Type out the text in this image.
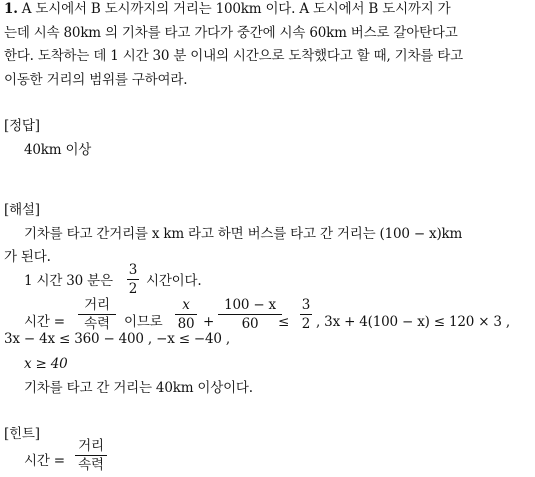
1. A 도시에서 B 도시까지의 거리는 100km 이다. A 도시에서 B 도시까지 가
는데 시속 80km 의 기차를 타고 가다가 중간에 시속 60km 버스로 갈아탄다고
한다. 도착하는 데 1 시간 30 분 이내의 시간으로 도착했다고 할 때, 기차를 타고
이동한 거리의 범위를 구하여라.
[정답]
40km 이상
[해설]
기차를 타고 간거리를 x km 라고 하면 버스를 타고 간 거리는 (100 − x)km
가 된다.
1 시간 30 분은
3
2 시간이다.
시간 =
거리
속력	이므로
x
80 +
100 − x
60	≤
3
2 , 3x + 4(100 − x) ≤ 120 × 3 ,
3x − 4x ≤ 360 − 400 , −x ≤ −40 ,
x ≥ 40
기차를 타고 간 거리는 40km 이상이다.
[힌트]
시간 =
거리
속력
